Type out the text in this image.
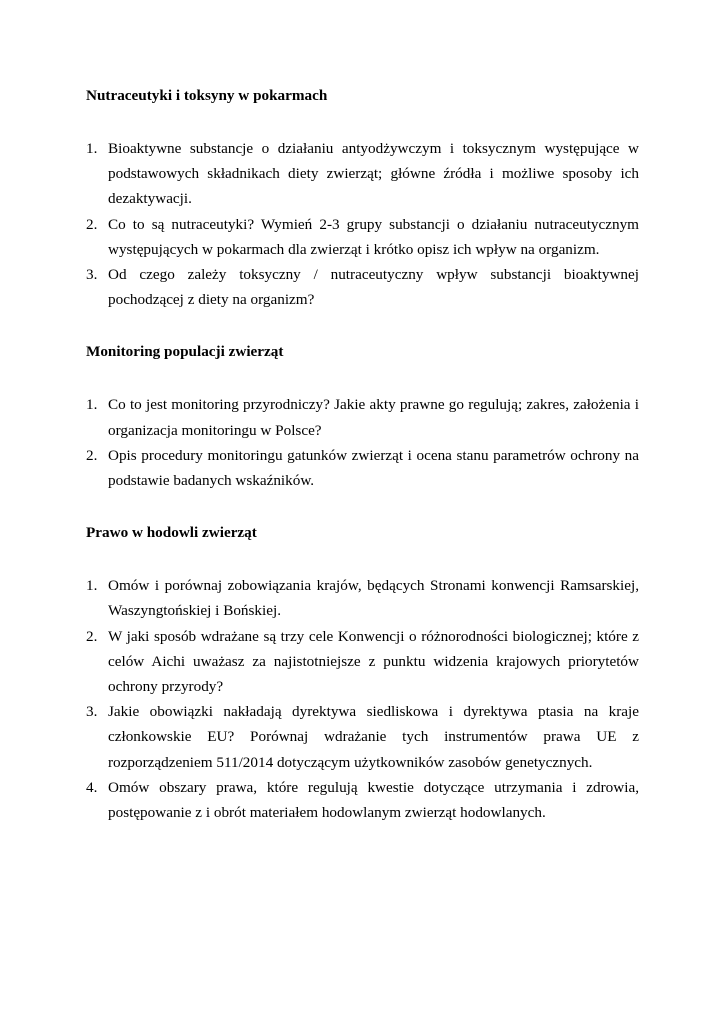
Nutraceutyki i toksyny w pokarmach

1. Bioaktywne substancje o działaniu antyodżywczym i toksycznym występujące w podstawowych składnikach diety zwierząt; główne źródła i możliwe sposoby ich dezaktywacji.
2. Co to są nutraceutyki? Wymień 2-3 grupy substancji o działaniu nutraceutycznym występujących w pokarmach dla zwierząt i krótko opisz ich wpływ na organizm.
3. Od czego zależy toksyczny / nutraceutyczny wpływ substancji bioaktywnej pochodzącej z diety na organizm?

Monitoring populacji zwierząt

1. Co to jest monitoring przyrodniczy? Jakie akty prawne go regulują; zakres, założenia i organizacja monitoringu w Polsce?
2. Opis procedury monitoringu gatunków zwierząt i ocena stanu parametrów ochrony na podstawie badanych wskaźników.

Prawo w hodowli zwierząt

1. Omów i porównaj zobowiązania krajów, będących Stronami konwencji Ramsarskiej, Waszyngtońskiej i Bońskiej.
2. W jaki sposób wdrażane są trzy cele Konwencji o różnorodności biologicznej; które z celów Aichi uważasz za najistotniejsze z punktu widzenia krajowych priorytetów ochrony przyrody?
3. Jakie obowiązki nakładają dyrektywa siedliskowa i dyrektywa ptasia na kraje członkowskie EU? Porównaj wdrażanie tych instrumentów prawa UE z rozporządzeniem 511/2014 dotyczącym użytkowników zasobów genetycznych.
4. Omów obszary prawa, które regulują kwestie dotyczące utrzymania i zdrowia, postępowanie z i obrót materiałem hodowlanym zwierząt hodowlanych.
